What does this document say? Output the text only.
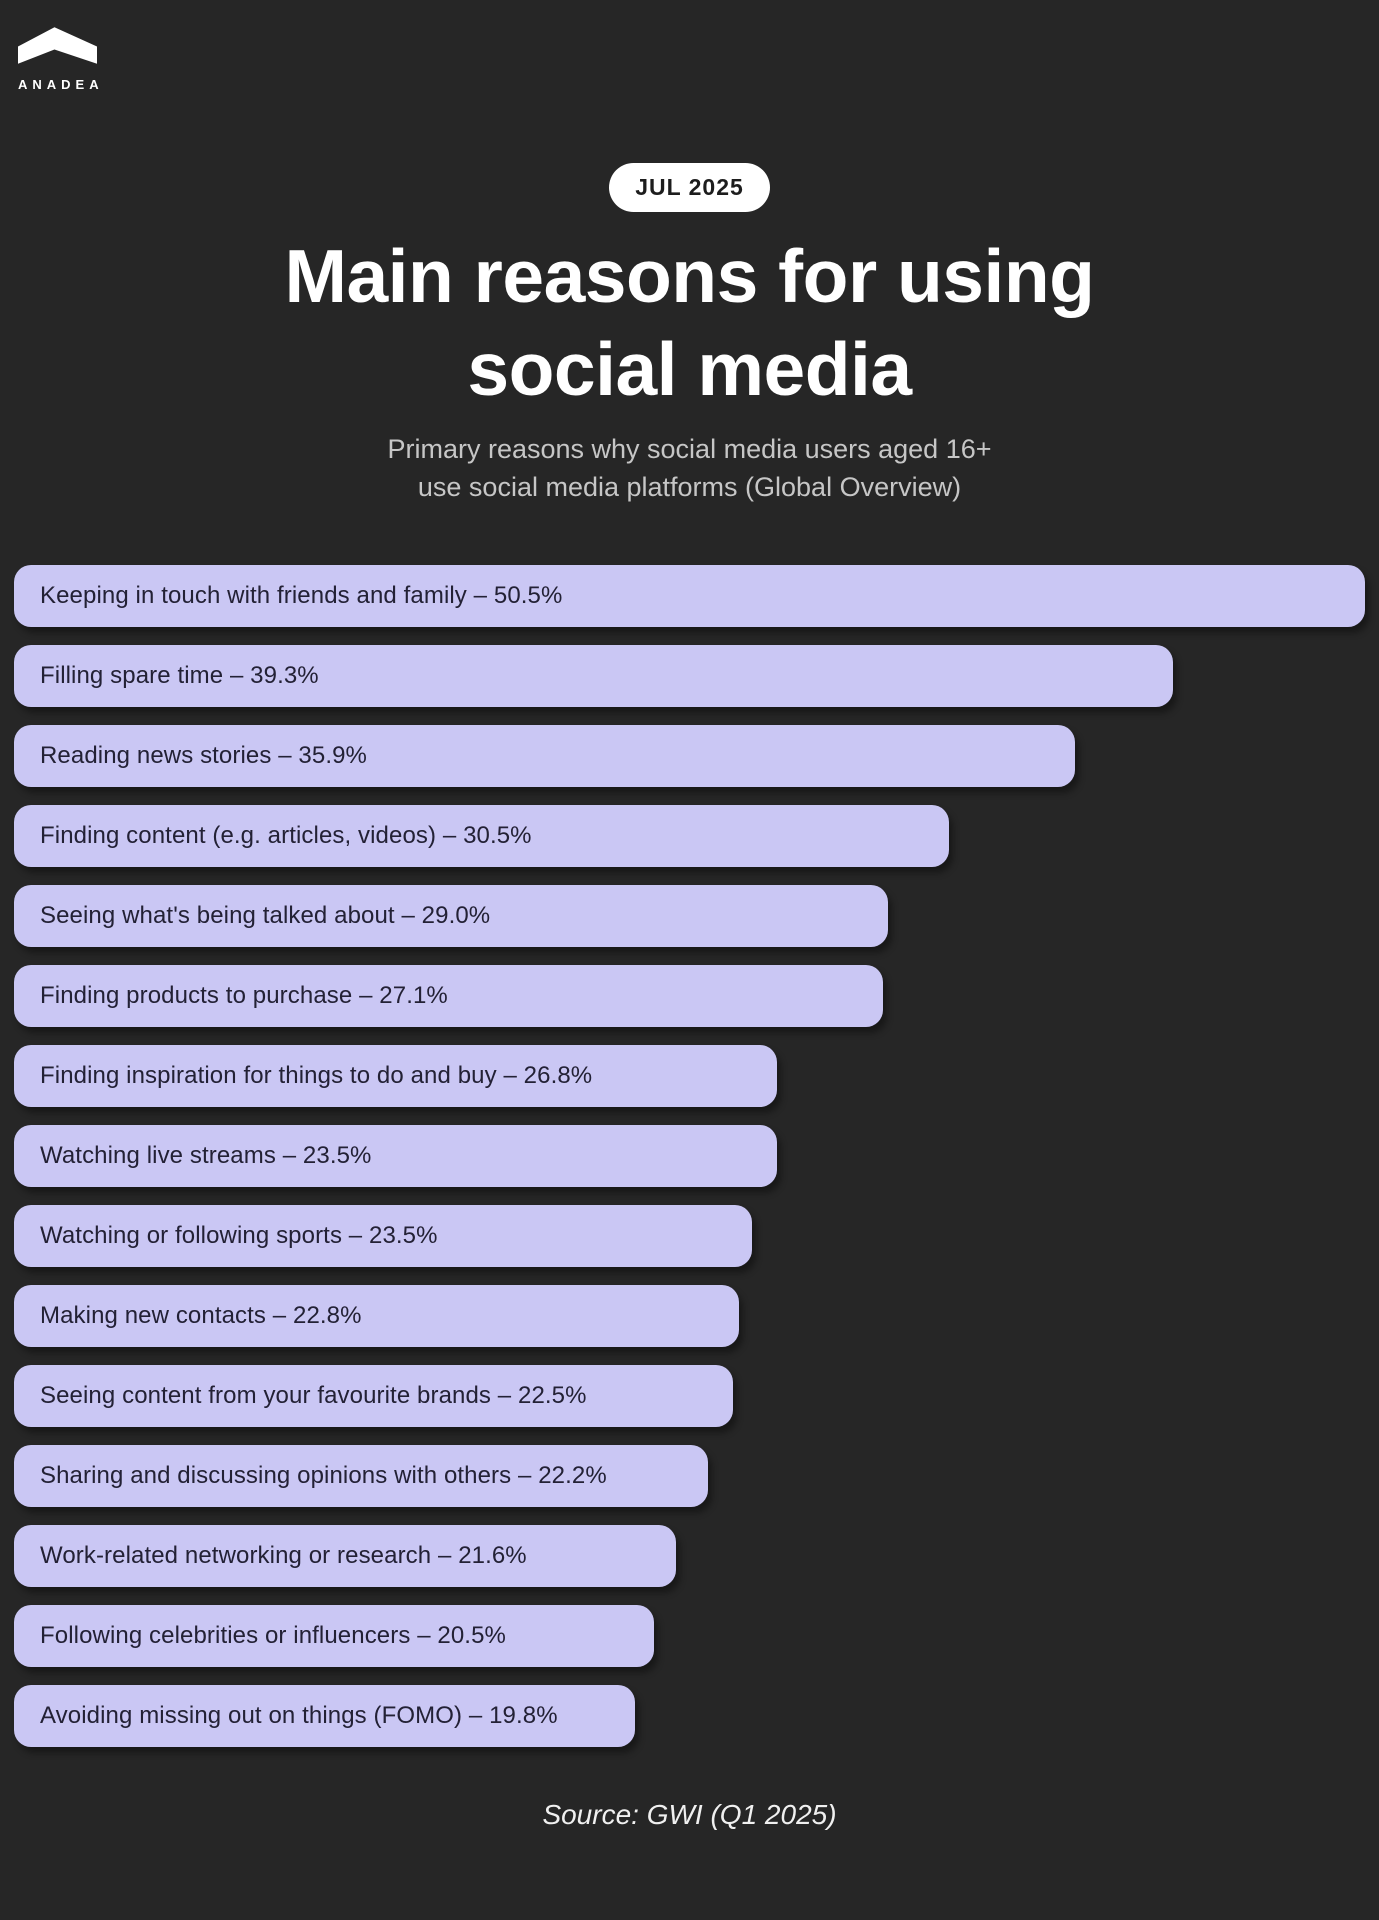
ANADEA
JUL 2025
Main reasons for using
social media

Primary reasons why social media users aged 16+
use social media platforms (Global Overview)

Keeping in touch with friends and family – 50.5%
Filling spare time – 39.3%
Reading news stories – 35.9%
Finding content (e.g. articles, videos) – 30.5%
Seeing what's being talked about – 29.0%
Finding products to purchase – 27.1%
Finding inspiration for things to do and buy – 26.8%
Watching live streams – 23.5%
Watching or following sports – 23.5%
Making new contacts – 22.8%
Seeing content from your favourite brands – 22.5%
Sharing and discussing opinions with others – 22.2%
Work-related networking or research – 21.6%
Following celebrities or influencers – 20.5%
Avoiding missing out on things (FOMO) – 19.8%
Source: GWI (Q1 2025)
